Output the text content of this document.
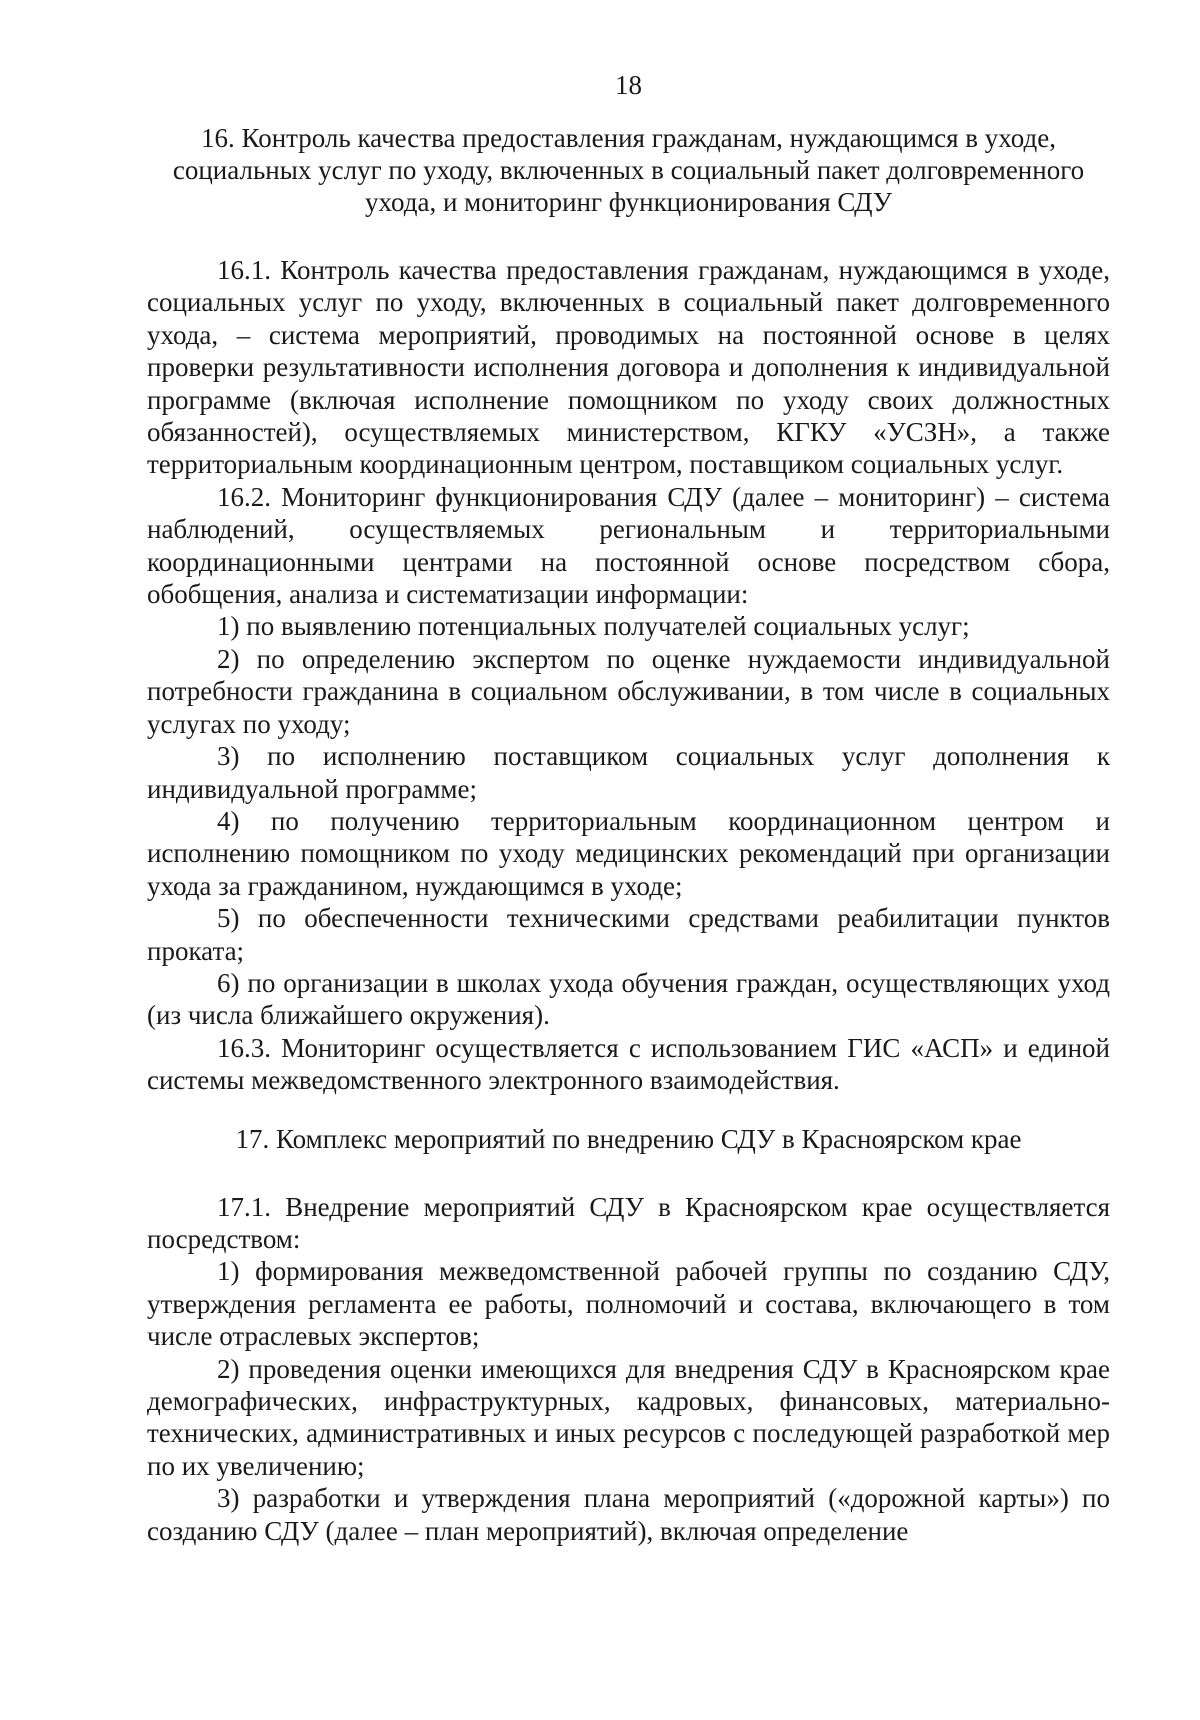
18
16. Контроль качества предоставления гражданам, нуждающимся в уходе, социальных услуг по уходу, включенных в социальный пакет долговременного ухода, и мониторинг функционирования СДУ

16.1. Контроль качества предоставления гражданам, нуждающимся в уходе, социальных услуг по уходу, включенных в социальный пакет долговременного ухода, – система мероприятий, проводимых на постоянной основе в целях проверки результативности исполнения договора и дополнения к индивидуальной программе (включая исполнение помощником по уходу своих должностных обязанностей), осуществляемых министерством, КГКУ «УСЗН», а также территориальным координационным центром, поставщиком социальных услуг.

16.2. Мониторинг функционирования СДУ (далее – мониторинг) – система наблюдений, осуществляемых региональным и территориальными координационными центрами на постоянной основе посредством сбора, обобщения, анализа и систематизации информации:

1) по выявлению потенциальных получателей социальных услуг;

2) по определению экспертом по оценке нуждаемости индивидуальной потребности гражданина в социальном обслуживании, в том числе в социальных услугах по уходу;

3) по исполнению поставщиком социальных услуг дополнения к индивидуальной программе;

4) по получению территориальным координационном центром и исполнению помощником по уходу медицинских рекомендаций при организации ухода за гражданином, нуждающимся в уходе;

5) по обеспеченности техническими средствами реабилитации пунктов проката;

6) по организации в школах ухода обучения граждан, осуществляющих уход (из числа ближайшего окружения).

16.3. Мониторинг осуществляется с использованием ГИС «АСП» и единой системы межведомственного электронного взаимодействия.

17. Комплекс мероприятий по внедрению СДУ в Красноярском крае

17.1. Внедрение мероприятий СДУ в Красноярском крае осуществляется посредством:

1) формирования межведомственной рабочей группы по созданию СДУ, утверждения регламента ее работы, полномочий и состава, включающего в том числе отраслевых экспертов;

2) проведения оценки имеющихся для внедрения СДУ в Красноярском крае демографических, инфраструктурных, кадровых, финансовых, материально-технических, административных и иных ресурсов с последующей разработкой мер по их увеличению;

3) разработки и утверждения плана мероприятий («дорожной карты») по созданию СДУ (далее – план мероприятий), включая определение
